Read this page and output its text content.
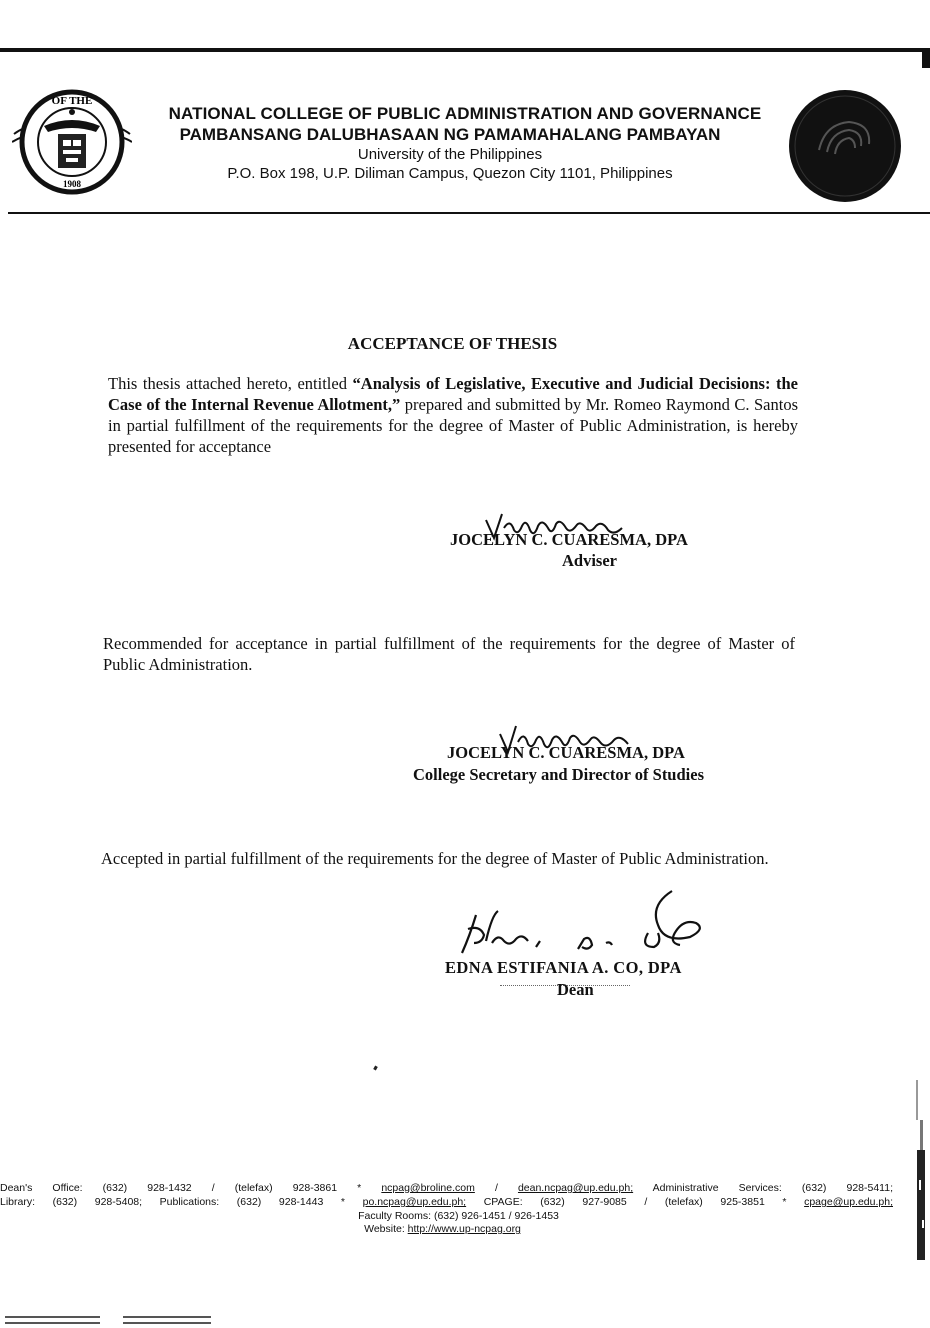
OF THE
1908
NATIONAL COLLEGE OF PUBLIC ADMINISTRATION AND GOVERNANCE
PAMBANSANG DALUBHASAAN NG PAMAMAHALANG PAMBAYAN
University of the Philippines
P.O. Box 198, U.P. Diliman Campus, Quezon City 1101, Philippines
ACCEPTANCE OF THESIS
This thesis attached hereto, entitled “Analysis of Legislative, Executive and Judicial Decisions: the Case of the Internal Revenue Allotment,” prepared and submitted by Mr. Romeo Raymond C. Santos in partial fulfillment of the requirements for the degree of Master of Public Administration, is hereby presented for acceptance
JOCELYN C. CUARESMA, DPA
Adviser
Recommended for acceptance in partial fulfillment of the requirements for the degree of Master of Public Administration.
JOCELYN C. CUARESMA, DPA
College Secretary and Director of Studies
Accepted in partial fulfillment of the requirements for the degree of Master of Public Administration.
EDNA ESTIFANIA A. CO, DPA
Dean
Dean's Office: (632) 928-1432 / (telefax) 928-3861 * ncpag@broline.com / dean.ncpag@up.edu.ph; Administrative Services: (632) 928-5411;
Library: (632) 928-5408; Publications: (632) 928-1443 * po.ncpag@up.edu.ph; CPAGE: (632) 927-9085 / (telefax) 925-3851 * cpage@up.edu.ph;
Faculty Rooms: (632) 926-1451 / 926-1453
Website: http://www.up-ncpag.org
